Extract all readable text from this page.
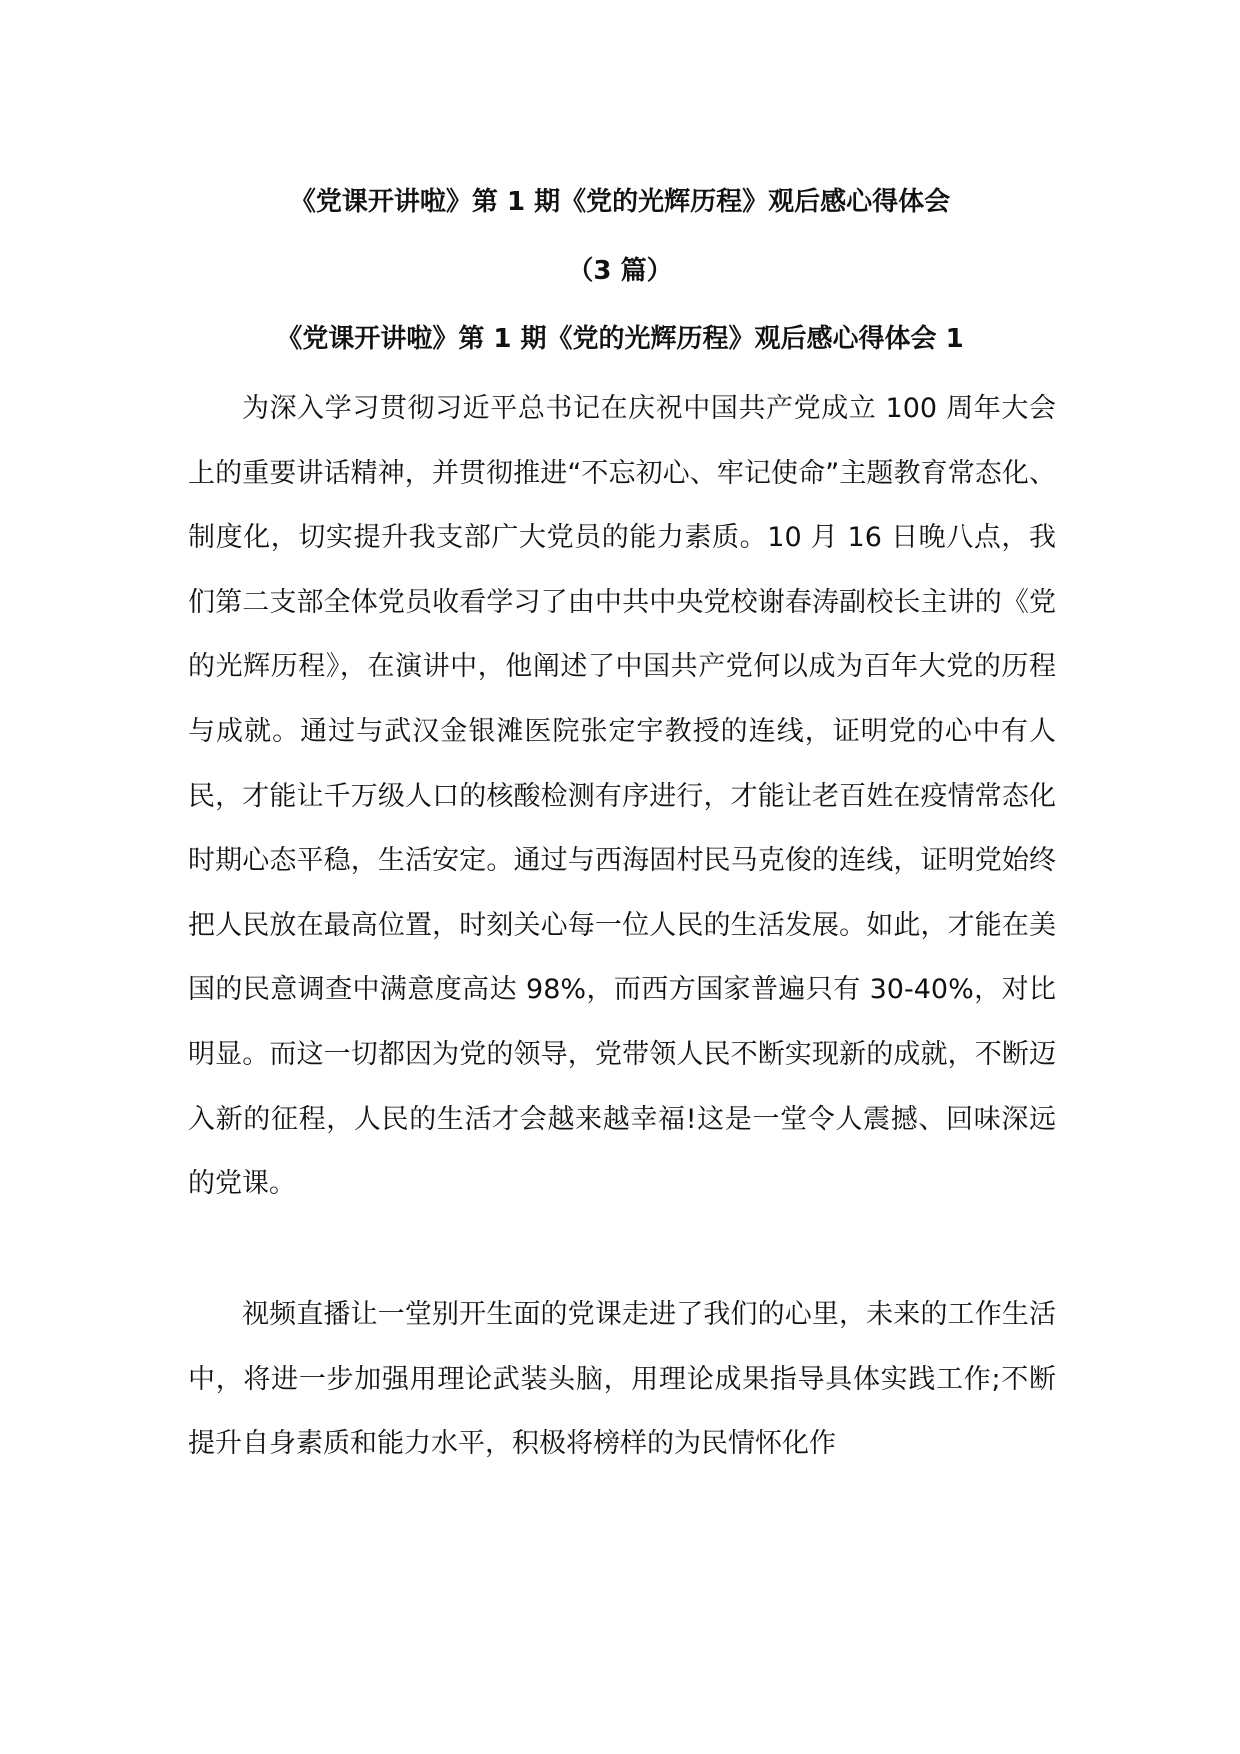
《党课开讲啦》第 1 期《党的光辉历程》观后感心得体会
（3 篇）
《党课开讲啦》第 1 期《党的光辉历程》观后感心得体会 1

为深入学习贯彻习近平总书记在庆祝中国共产党成立 100 周年大会上的重要讲话精神，并贯彻推进“不忘初心、牢记使命”主题教育常态化、制度化，切实提升我支部广大党员的能力素质。10 月 16 日晚八点，我们第二支部全体党员收看学习了由中共中央党校谢春涛副校长主讲的《党的光辉历程》，在演讲中，他阐述了中国共产党何以成为百年大党的历程与成就。通过与武汉金银滩医院张定宇教授的连线，证明党的心中有人民，才能让千万级人口的核酸检测有序进行，才能让老百姓在疫情常态化时期心态平稳，生活安定。通过与西海固村民马克俊的连线，证明党始终把人民放在最高位置，时刻关心每一位人民的生活发展。如此，才能在美国的民意调查中满意度高达 98%，而西方国家普遍只有 30-40%，对比明显。而这一切都因为党的领导，党带领人民不断实现新的成就，不断迈入新的征程，人民的生活才会越来越幸福!这是一堂令人震撼、回味深远的党课。

视频直播让一堂别开生面的党课走进了我们的心里，未来的工作生活中，将进一步加强用理论武装头脑，用理论成果指导具体实践工作;不断提升自身素质和能力水平，积极将榜样的为民情怀化作
